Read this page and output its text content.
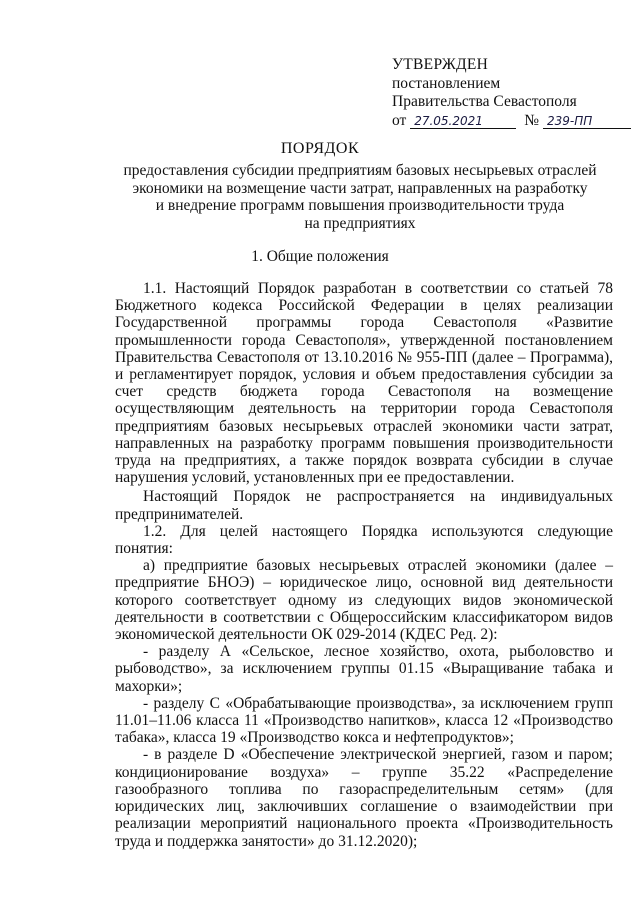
УТВЕРЖДЕН
постановлением
Правительства Севастополя
от
27.05.2021	№ 239-ПП
ПОРЯДОК
предоставления субсидии предприятиям базовых несырьевых отраслей
экономики на возмещение части затрат, направленных на разработку
и внедрение программ повышения производительности труда
на предприятиях
1. Общие положения

1.1. Настоящий Порядок разработан в соответствии со статьей 78 Бюджетного кодекса Российской Федерации в целях реализации Государственной программы города Севастополя «Развитие промышленности города Севастополя», утвержденной постановлением Правительства Севастополя от 13.10.2016 № 955-ПП (далее – Программа), и регламентирует порядок, условия и объем предоставления субсидии за счет средств бюджета города Севастополя на возмещение осуществляющим деятельность на территории города Севастополя предприятиям базовых несырьевых отраслей экономики части затрат, направленных на разработку программ повышения производительности труда на предприятиях, а также порядок возврата субсидии в случае нарушения условий, установленных при ее предоставлении.

Настоящий Порядок не распространяется на индивидуальных предпринимателей.

1.2. Для целей настоящего Порядка используются следующие понятия:

а) предприятие базовых несырьевых отраслей экономики (далее – предприятие БНОЭ) – юридическое лицо, основной вид деятельности которого соответствует одному из следующих видов экономической деятельности в соответствии с Общероссийским классификатором видов экономической деятельности ОК 029-2014 (КДЕС Ред. 2):

- разделу А «Сельское, лесное хозяйство, охота, рыболовство и рыбоводство», за исключением группы 01.15 «Выращивание табака и махорки»;

- разделу С «Обрабатывающие производства», за исключением групп 11.01–11.06 класса 11 «Производство напитков», класса 12 «Производство табака», класса 19 «Производство кокса и нефтепродуктов»;

- в разделе D «Обеспечение электрической энергией, газом и паром; кондиционирование воздуха» – группе 35.22 «Распределение газообразного топлива по газораспределительным сетям» (для юридических лиц, заключивших соглашение о взаимодействии при реализации мероприятий национального проекта «Производительность труда и поддержка занятости» до 31.12.2020);
